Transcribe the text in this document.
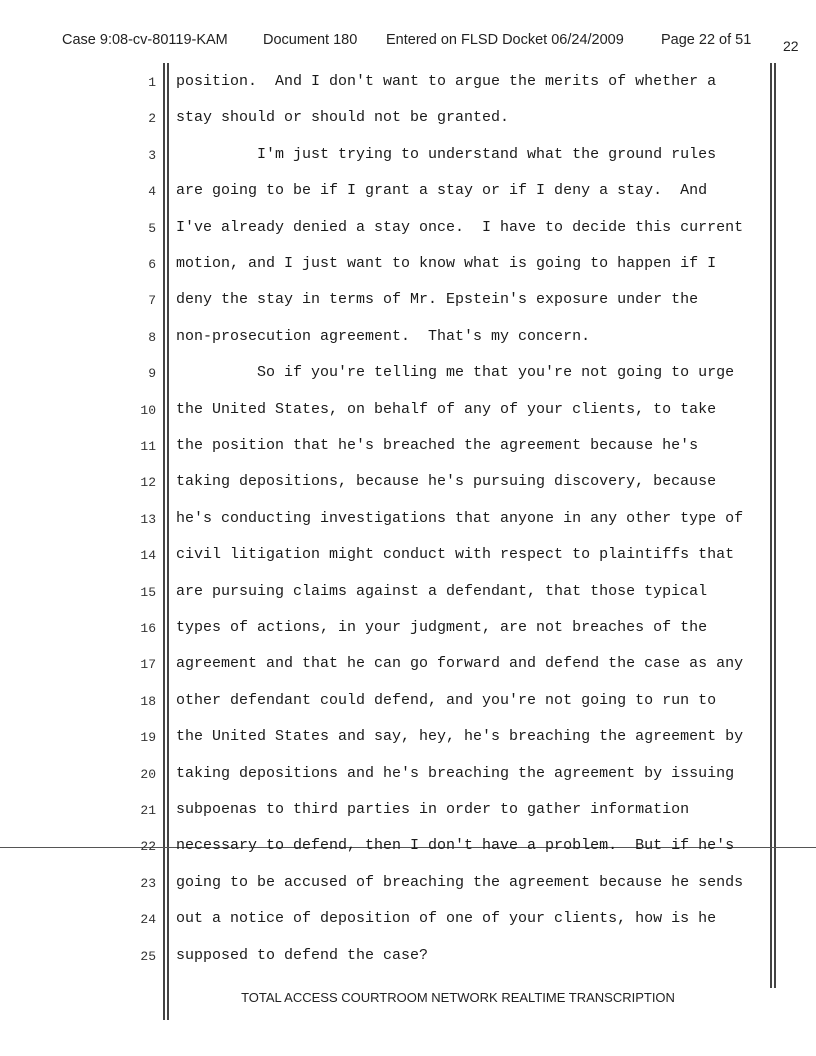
Case 9:08-cv-80119-KAM Document 180 Entered on FLSD Docket 06/24/2009	Page 22 of 51 22
1 position.  And I don't want to argue the merits of whether a
2 stay should or should not be granted.
3 I'm just trying to understand what the ground rules
4 are going to be if I grant a stay or if I deny a stay.  And
5 I've already denied a stay once.  I have to decide this current
6 motion, and I just want to know what is going to happen if I
7 deny the stay in terms of Mr. Epstein's exposure under the
8 non-prosecution agreement.  That's my concern.
9 So if you're telling me that you're not going to urge
10 the United States, on behalf of any of your clients, to take
11 the position that he's breached the agreement because he's
12 taking depositions, because he's pursuing discovery, because
13 he's conducting investigations that anyone in any other type of
14 civil litigation might conduct with respect to plaintiffs that
15 are pursuing claims against a defendant, that those typical
16 types of actions, in your judgment, are not breaches of the
17 agreement and that he can go forward and defend the case as any
18 other defendant could defend, and you're not going to run to
19 the United States and say, hey, he's breaching the agreement by
20 taking depositions and he's breaching the agreement by issuing
21 subpoenas to third parties in order to gather information
22 necessary to defend, then I don't have a problem.  But if he's
23 going to be accused of breaching the agreement because he sends
24 out a notice of deposition of one of your clients, how is he
25 supposed to defend the case?
TOTAL ACCESS COURTROOM NETWORK REALTIME TRANSCRIPTION
